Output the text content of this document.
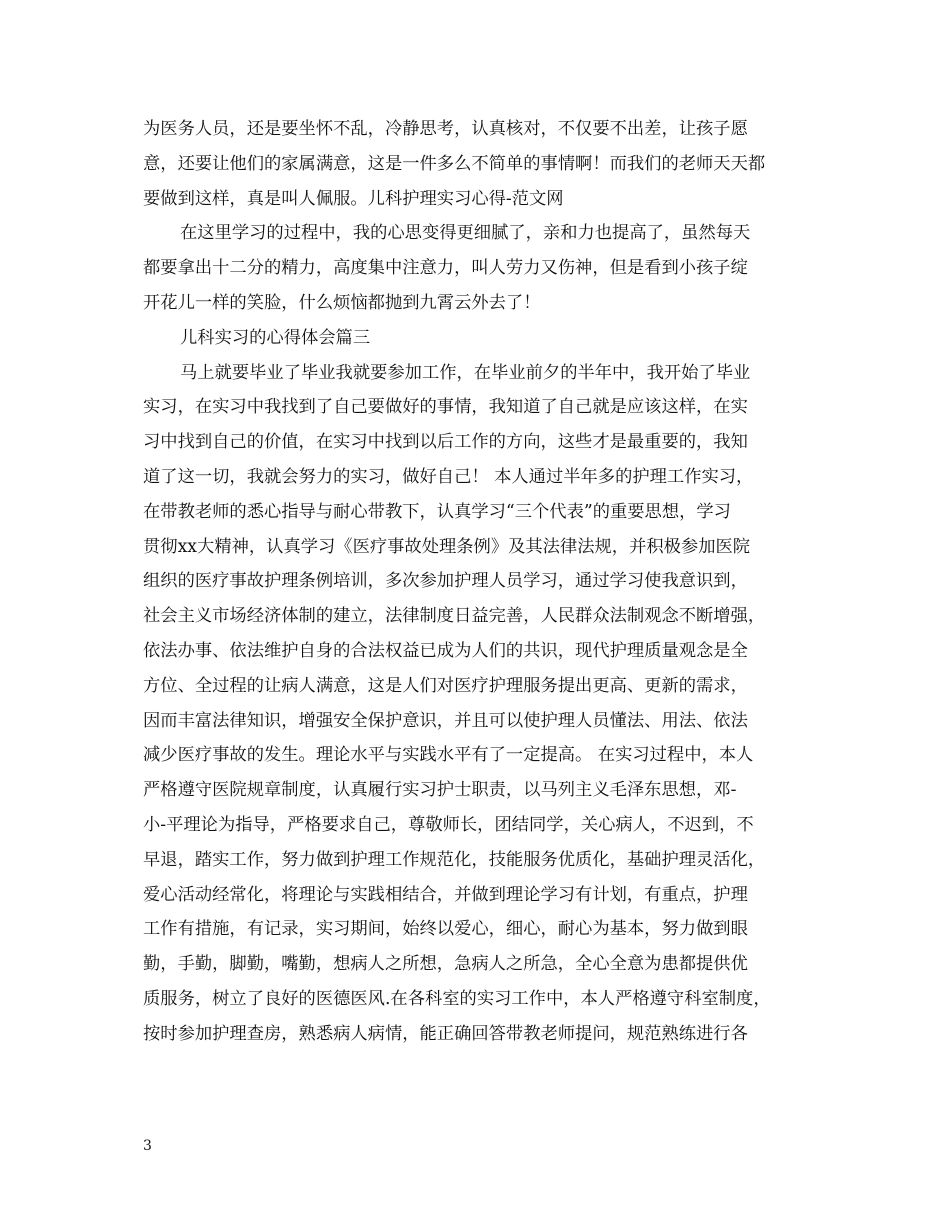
为医务人员，还是要坐怀不乱，冷静思考，认真核对，不仅要不出差，让孩子愿
意，还要让他们的家属满意，这是一件多么不简单的事情啊！而我们的老师天天都
要做到这样，真是叫人佩服。儿科护理实习心得-范文网
在这里学习的过程中，我的心思变得更细腻了，亲和力也提高了，虽然每天
都要拿出十二分的精力，高度集中注意力，叫人劳力又伤神，但是看到小孩子绽
开花儿一样的笑脸，什么烦恼都抛到九霄云外去了！
儿科实习的心得体会篇三
马上就要毕业了毕业我就要参加工作，在毕业前夕的半年中，我开始了毕业
实习，在实习中我找到了自己要做好的事情，我知道了自己就是应该这样，在实
习中找到自己的价值，在实习中找到以后工作的方向，这些才是最重要的，我知
道了这一切，我就会努力的实习，做好自己！ 本人通过半年多的护理工作实习，
在带教老师的悉心指导与耐心带教下，认真学习“三个代表”的重要思想，学习
贯彻xx大精神，认真学习《医疗事故处理条例》及其法律法规，并积极参加医院
组织的医疗事故护理条例培训，多次参加护理人员学习，通过学习使我意识到，
社会主义市场经济体制的建立，法律制度日益完善，人民群众法制观念不断增强，
依法办事、依法维护自身的合法权益已成为人们的共识，现代护理质量观念是全
方位、全过程的让病人满意，这是人们对医疗护理服务提出更高、更新的需求，
因而丰富法律知识，增强安全保护意识，并且可以使护理人员懂法、用法、依法
减少医疗事故的发生。理论水平与实践水平有了一定提高。 在实习过程中，本人
严格遵守医院规章制度，认真履行实习护士职责，以马列主义毛泽东思想，邓-
小-平理论为指导，严格要求自己，尊敬师长，团结同学，关心病人，不迟到，不
早退，踏实工作，努力做到护理工作规范化，技能服务优质化，基础护理灵活化，
爱心活动经常化，将理论与实践相结合，并做到理论学习有计划，有重点，护理
工作有措施，有记录，实习期间，始终以爱心，细心，耐心为基本，努力做到眼
勤，手勤，脚勤，嘴勤，想病人之所想，急病人之所急，全心全意为患都提供优
质服务，树立了良好的医德医风.在各科室的实习工作中，本人严格遵守科室制度，
按时参加护理查房，熟悉病人病情，能正确回答带教老师提问，规范熟练进行各
3
